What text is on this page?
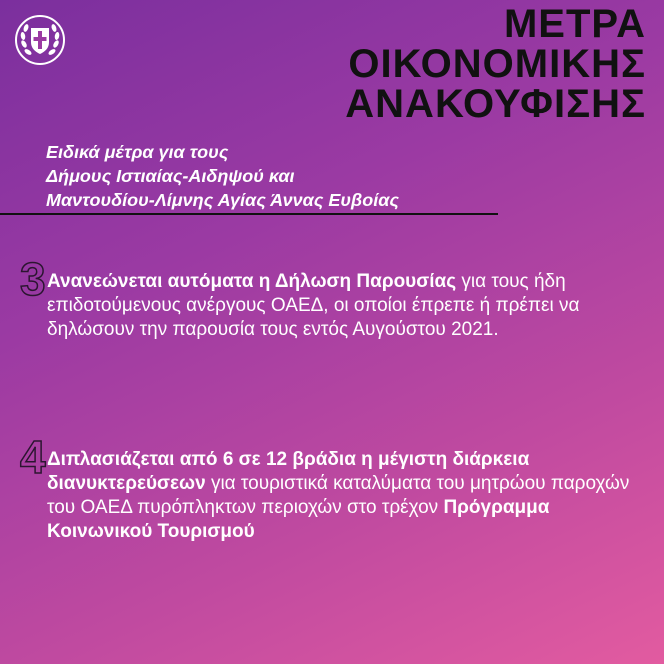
ΜΕΤΡΑ
ΟΙΚΟΝΟΜΙΚΗΣ
ΑΝΑΚΟΥΦΙΣΗΣ
Ειδικά μέτρα για τους
Δήμους Ιστιαίας-Αιδηψού και
Μαντουδίου-Λίμνης Αγίας Άννας Ευβοίας
3 Ανανεώνεται αυτόματα η Δήλωση Παρουσίας για τους ήδη επιδοτούμενους ανέργους ΟΑΕΔ, οι οποίοι έπρεπε ή πρέπει να δηλώσουν την παρουσία τους εντός Αυγούστου 2021.

4 Διπλασιάζεται από 6 σε 12 βράδια η μέγιστη διάρκεια διανυκτερεύσεων για τουριστικά καταλύματα του μητρώου παροχών του ΟΑΕΔ πυρόπληκτων περιοχών στο τρέχον Πρόγραμμα Κοινωνικού Τουρισμού
